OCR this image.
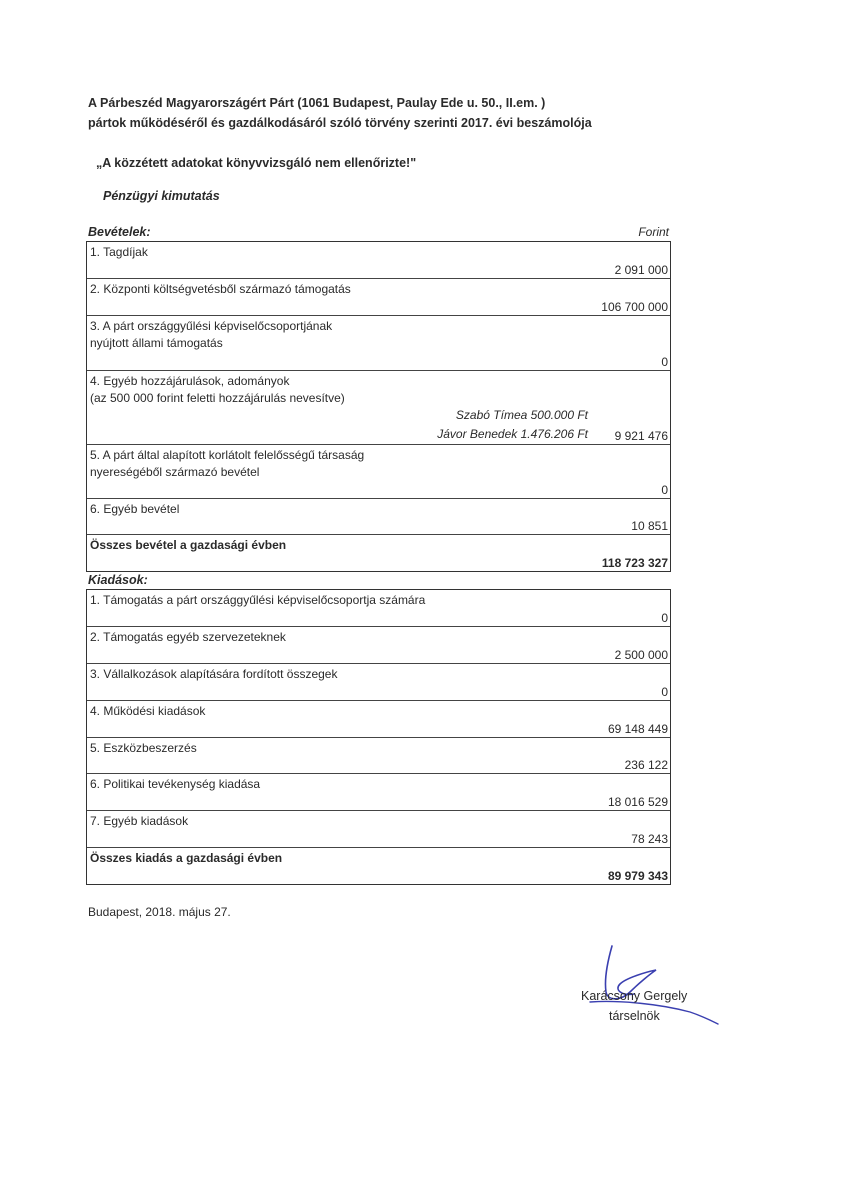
A Párbeszéd Magyarországért Párt (1061 Budapest, Paulay Ede u. 50., II.em. )
pártok működéséről és gazdálkodásáról szóló törvény szerinti 2017. évi beszámolója
„A közzétett adatokat könyvvizsgáló nem ellenőrizte!"
Pénzügyi kimutatás
Bevételek:	Forint
1. Tagdíjak
2 091 000
2. Központi költségvetésből származó támogatás
106 700 000
3. A párt országgyűlési képviselőcsoportjának
nyújtott állami támogatás
0
4. Egyéb hozzájárulások, adományok
(az 500 000 forint feletti hozzájárulás nevesítve)
Szabó Tímea 500.000 Ft
Jávor Benedek 1.476.206 Ft 9 921 476
5. A párt által alapított korlátolt felelősségű társaság
nyereségéből származó bevétel
0
6. Egyéb bevétel
10 851
Összes bevétel a gazdasági évben
118 723 327
Kiadások:
1. Támogatás a párt országgyűlési képviselőcsoportja számára
0
2. Támogatás egyéb szervezeteknek
2 500 000
3. Vállalkozások alapítására fordított összegek
0
4. Működési kiadások
69 148 449
5. Eszközbeszerzés
236 122
6. Politikai tevékenység kiadása
18 016 529
7. Egyéb kiadások
78 243
Összes kiadás a gazdasági évben
89 979 343
Budapest, 2018. május 27.
Karácsony Gergely
társelnök
